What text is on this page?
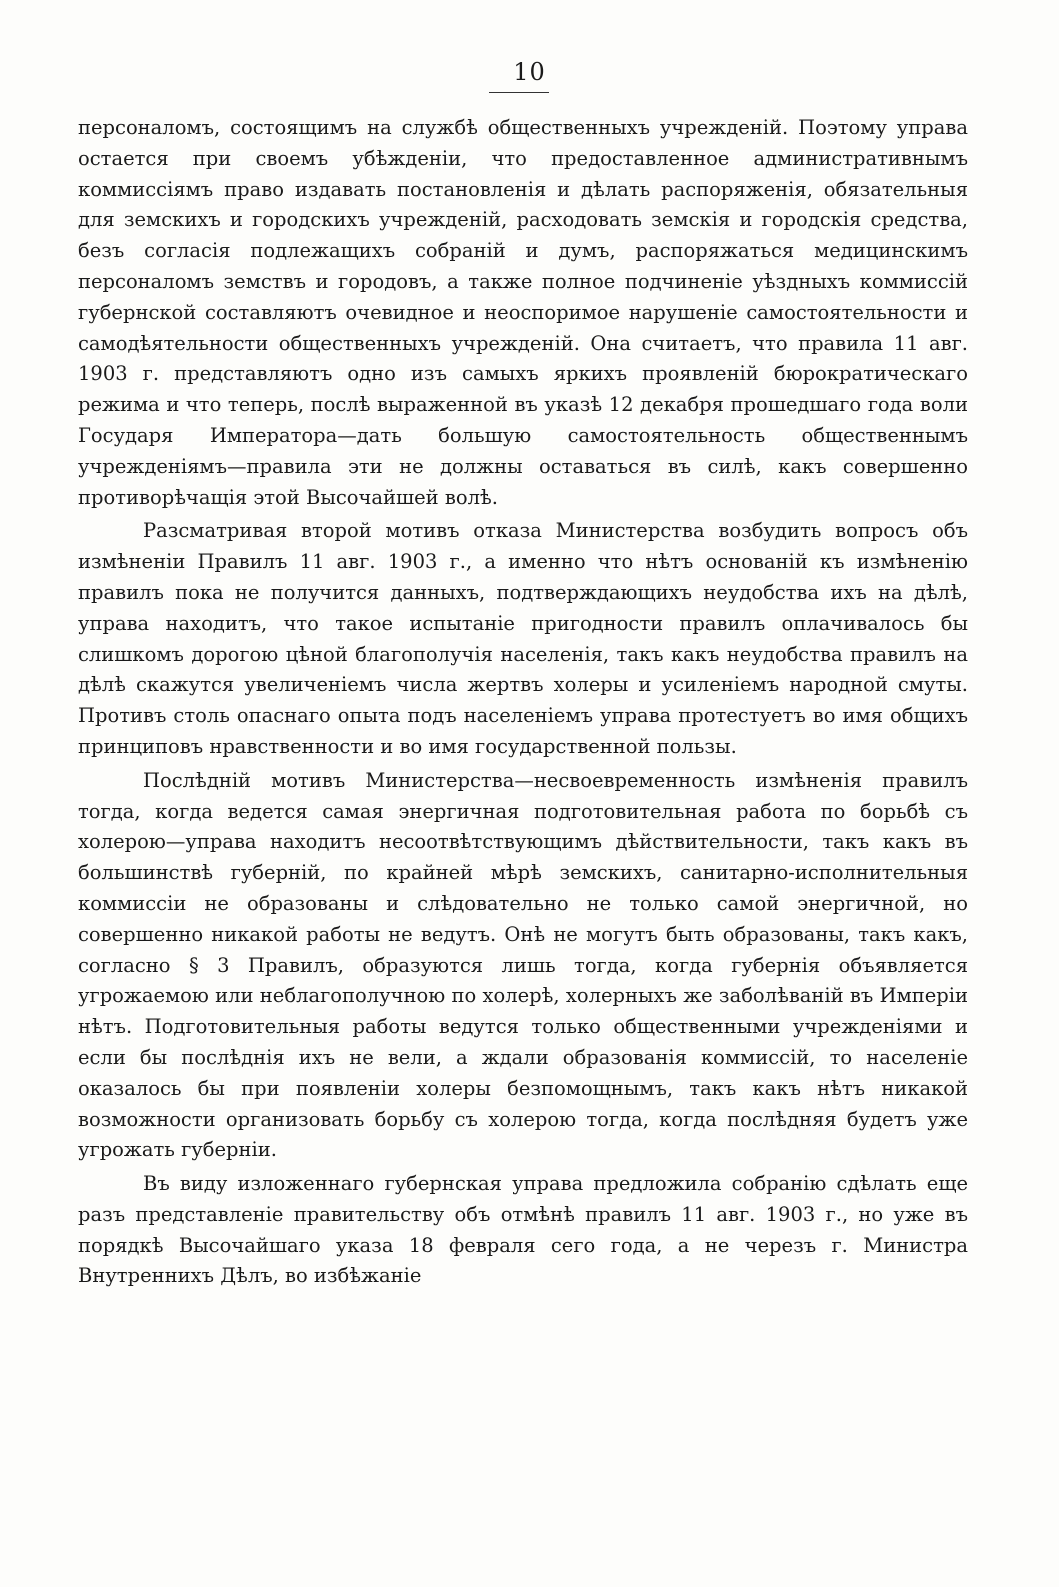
10

персоналомъ, состоящимъ на службѣ общественныхъ учрежденій. Поэтому управа остается при своемъ убѣжденіи, что предоставленное административнымъ коммиссіямъ право издавать постановленія и дѣлать распоряженія, обязательныя для земскихъ и городскихъ учрежденій, расходовать земскія и городскія средства, безъ согласія подлежащихъ собраній и думъ, распоряжаться медицинскимъ персоналомъ земствъ и городовъ, а также полное подчиненіе уѣздныхъ коммиссій губернской составляютъ очевидное и неоспоримое нарушеніе самостоятельности и самодѣятельности общественныхъ учрежденій. Она считаетъ, что правила 11 авг. 1903 г. представляютъ одно изъ самыхъ яркихъ проявленій бюрократическаго режима и что теперь, послѣ выраженной въ указѣ 12 декабря прошедшаго года воли Государя Императора—дать большую самостоятельность общественнымъ учрежденіямъ—правила эти не должны оставаться въ силѣ, какъ совершенно противорѣчащія этой Высочайшей волѣ.

Разсматривая второй мотивъ отказа Министерства возбудить вопросъ объ измѣненіи Правилъ 11 авг. 1903 г., а именно что нѣтъ основаній къ измѣненію правилъ пока не получится данныхъ, подтверждающихъ неудобства ихъ на дѣлѣ, управа находитъ, что такое испытаніе пригодности правилъ оплачивалось бы слишкомъ дорогою цѣной благополучія населенія, такъ какъ неудобства правилъ на дѣлѣ скажутся увеличеніемъ числа жертвъ холеры и усиленіемъ народной смуты. Противъ столь опаснаго опыта подъ населеніемъ управа протестуетъ во имя общихъ принциповъ нравственности и во имя государственной пользы.

Послѣдній мотивъ Министерства—несвоевременность измѣненія правилъ тогда, когда ведется самая энергичная подготовительная работа по борьбѣ съ холерою—управа находитъ несоотвѣтствующимъ дѣйствительности, такъ какъ въ большинствѣ губерній, по крайней мѣрѣ земскихъ, санитарно-исполнительныя коммиссіи не образованы и слѣдовательно не только самой энергичной, но совершенно никакой работы не ведутъ. Онѣ не могутъ быть образованы, такъ какъ, согласно § 3 Правилъ, образуются лишь тогда, когда губернія объявляется угрожаемою или неблагополучною по холерѣ, холерныхъ же заболѣваній въ Имперіи нѣтъ. Подготовительныя работы ведутся только общественными учрежденіями и если бы послѣднія ихъ не вели, а ждали образованія коммиссій, то населеніе оказалось бы при появленіи холеры безпомощнымъ, такъ какъ нѣтъ никакой возможности организовать борьбу съ холерою тогда, когда послѣдняя будетъ уже угрожать губерніи.

Въ виду изложеннаго губернская управа предложила собранію сдѣлать еще разъ представленіе правительству объ отмѣнѣ правилъ 11 авг. 1903 г., но уже въ порядкѣ Высочайшаго указа 18 февраля сего года, а не черезъ г. Министра Внутреннихъ Дѣлъ, во избѣжаніе
